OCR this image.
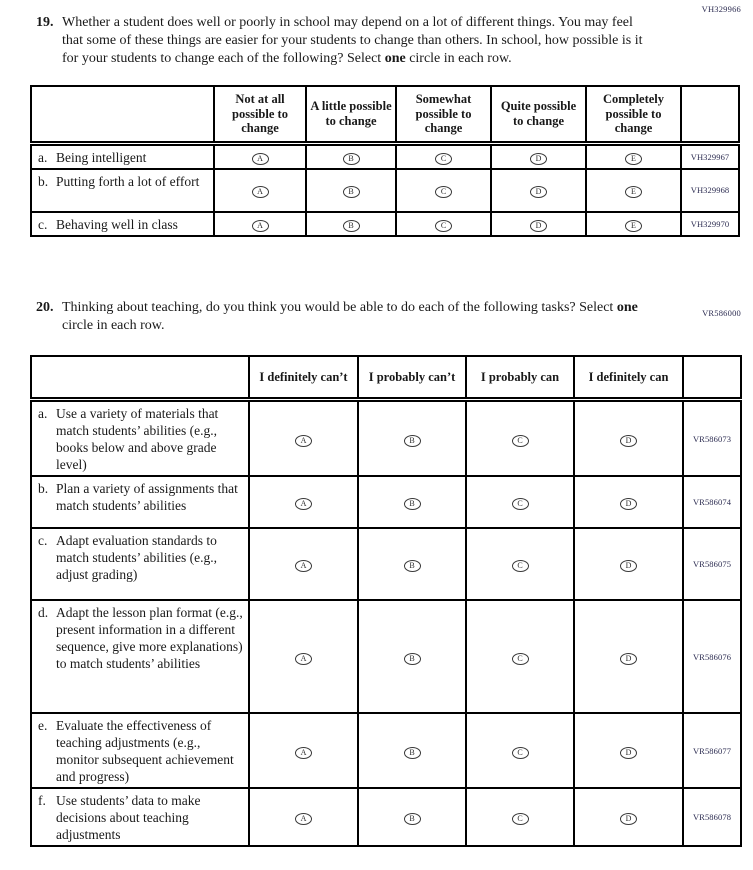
VH329966
VR586000
19. Whether a student does well or poorly in school may depend on a lot of different things. You may feel that some of these things are easier for your students to change than others. In school, how possible is it for your students to change each of the following? Select one circle in each row.
	Not at all possible to change	A little possible to change	Somewhat possible to change	Quite possible to change	Completely possible to change	

a. Being intelligent	A	B	C	D	E	VH329967

b. Putting forth a lot of effort	A	B	C	D	E	VH329968

c. Behaving well in class	A	B	C	D	E	VH329970
20. Thinking about teaching, do you think you would be able to do each of the following tasks? Select one circle in each row.
	I definitely can’t	I probably can’t	I probably can	I definitely can	

a. Use a variety of materials that match students’ abilities (e.g., books below and above grade level)	A	B	C	D	VR586073

b. Plan a variety of assignments that match students’ abilities	A	B	C	D	VR586074

c. Adapt evaluation standards to match students’ abilities (e.g., adjust grading)	A	B	C	D	VR586075

d. Adapt the lesson plan format (e.g., present information in a different sequence, give more explanations) to match students’ abilities	A	B	C	D	VR586076

e. Evaluate the effectiveness of teaching adjustments (e.g., monitor subsequent achievement and progress)	A	B	C	D	VR586077

f. Use students’ data to make decisions about teaching adjustments	A	B	C	D	VR586078
